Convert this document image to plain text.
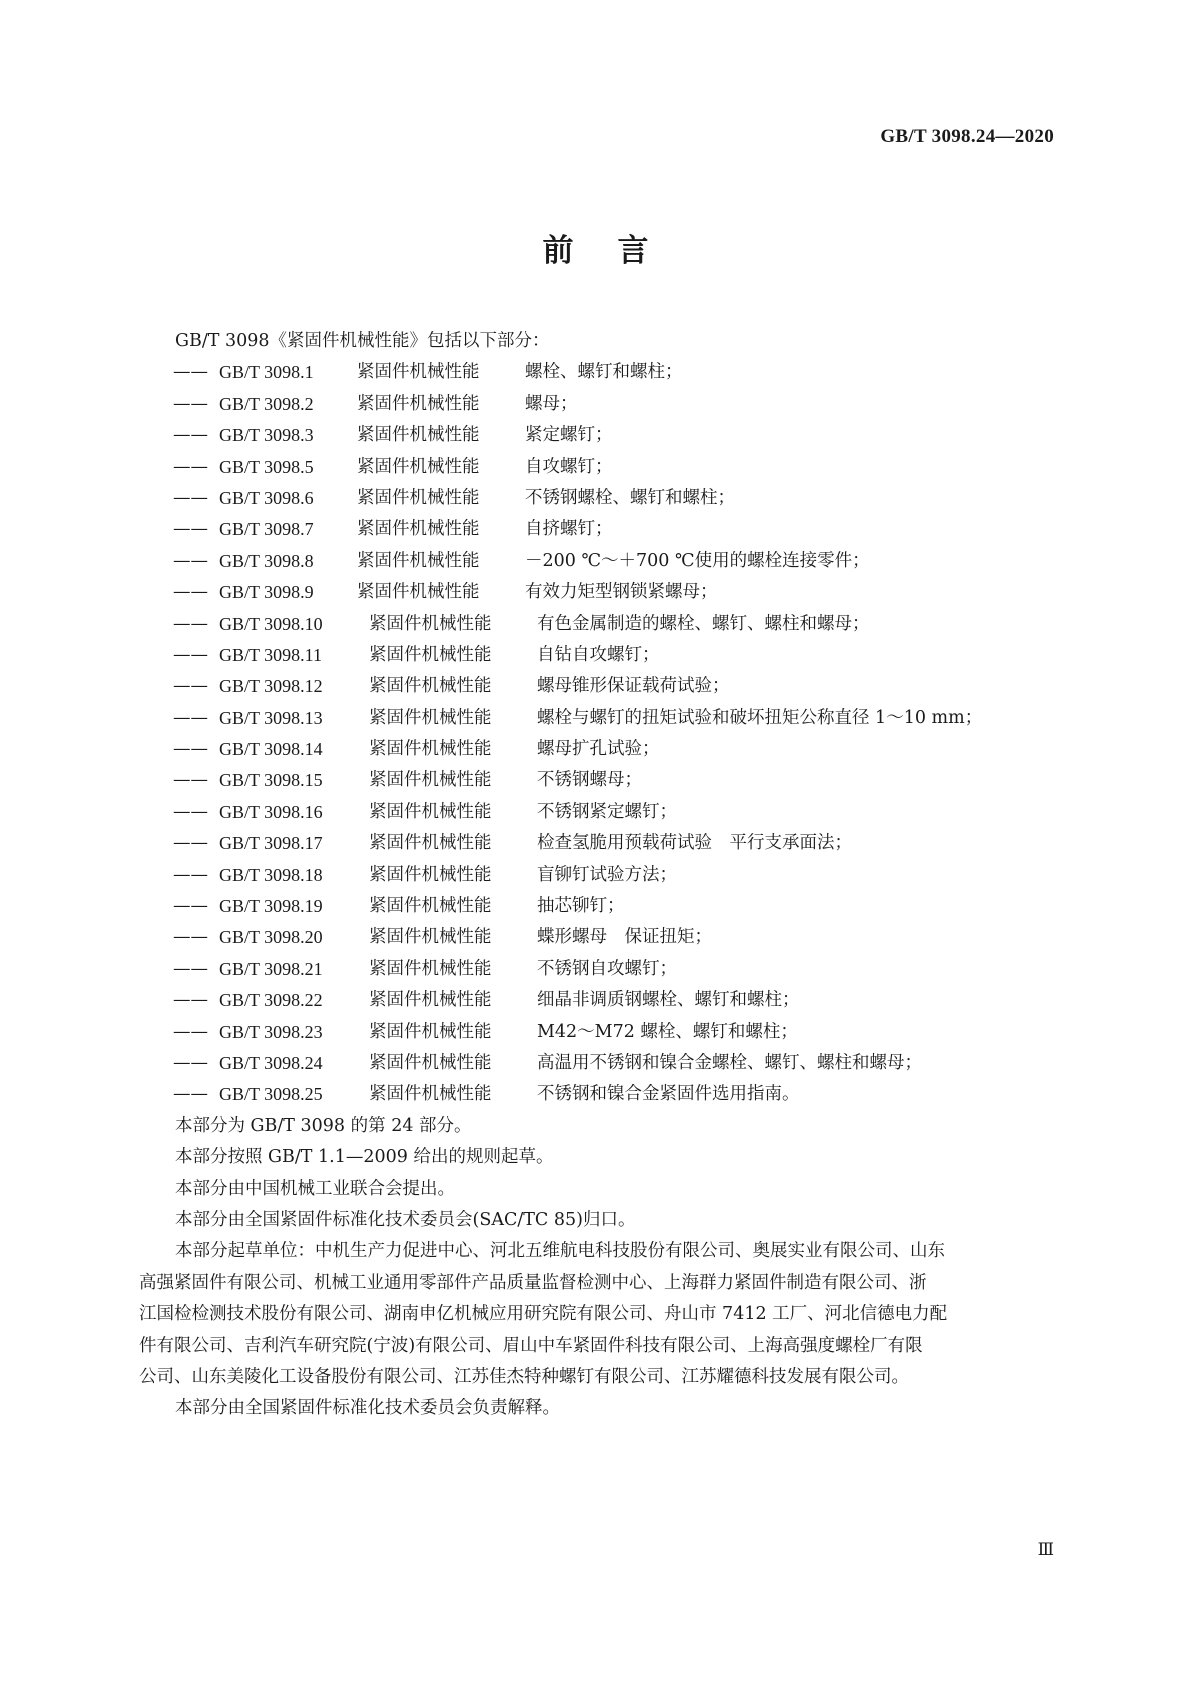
GB/T 3098.24—2020
前言
GB/T 3098《紧固件机械性能》包括以下部分：
—— GB/T 3098.1	紧固件机械性能	螺栓、螺钉和螺柱；
—— GB/T 3098.2	紧固件机械性能	螺母；
—— GB/T 3098.3	紧固件机械性能	紧定螺钉；
—— GB/T 3098.5	紧固件机械性能	自攻螺钉；
—— GB/T 3098.6	紧固件机械性能	不锈钢螺栓、螺钉和螺柱；
—— GB/T 3098.7	紧固件机械性能	自挤螺钉；
—— GB/T 3098.8	紧固件机械性能	－200 ℃～＋700 ℃使用的螺栓连接零件；
—— GB/T 3098.9	紧固件机械性能	有效力矩型钢锁紧螺母；
—— GB/T 3098.10	紧固件机械性能	有色金属制造的螺栓、螺钉、螺柱和螺母；
—— GB/T 3098.11	紧固件机械性能	自钻自攻螺钉；
—— GB/T 3098.12	紧固件机械性能	螺母锥形保证载荷试验；
—— GB/T 3098.13	紧固件机械性能	螺栓与螺钉的扭矩试验和破坏扭矩公称直径 1～10 mm；
—— GB/T 3098.14	紧固件机械性能	螺母扩孔试验；
—— GB/T 3098.15	紧固件机械性能	不锈钢螺母；
—— GB/T 3098.16	紧固件机械性能	不锈钢紧定螺钉；
—— GB/T 3098.17	紧固件机械性能	检查氢脆用预载荷试验　平行支承面法；
—— GB/T 3098.18	紧固件机械性能	盲铆钉试验方法；
—— GB/T 3098.19	紧固件机械性能	抽芯铆钉；
—— GB/T 3098.20	紧固件机械性能	蝶形螺母　保证扭矩；
—— GB/T 3098.21	紧固件机械性能	不锈钢自攻螺钉；
—— GB/T 3098.22	紧固件机械性能	细晶非调质钢螺栓、螺钉和螺柱；
—— GB/T 3098.23	紧固件机械性能	M42～M72 螺栓、螺钉和螺柱；
—— GB/T 3098.24	紧固件机械性能	高温用不锈钢和镍合金螺栓、螺钉、螺柱和螺母；
—— GB/T 3098.25	紧固件机械性能	不锈钢和镍合金紧固件选用指南。
本部分为 GB/T 3098 的第 24 部分。
本部分按照 GB/T 1.1—2009 给出的规则起草。
本部分由中国机械工业联合会提出。
本部分由全国紧固件标准化技术委员会(SAC/TC 85)归口。
本部分起草单位：中机生产力促进中心、河北五维航电科技股份有限公司、奥展实业有限公司、山东
高强紧固件有限公司、机械工业通用零部件产品质量监督检测中心、上海群力紧固件制造有限公司、浙
江国检检测技术股份有限公司、湖南申亿机械应用研究院有限公司、舟山市 7412 工厂、河北信德电力配
件有限公司、吉利汽车研究院(宁波)有限公司、眉山中车紧固件科技有限公司、上海高强度螺栓厂有限
公司、山东美陵化工设备股份有限公司、江苏佳杰特种螺钉有限公司、江苏耀德科技发展有限公司。
本部分由全国紧固件标准化技术委员会负责解释。
Ⅲ
